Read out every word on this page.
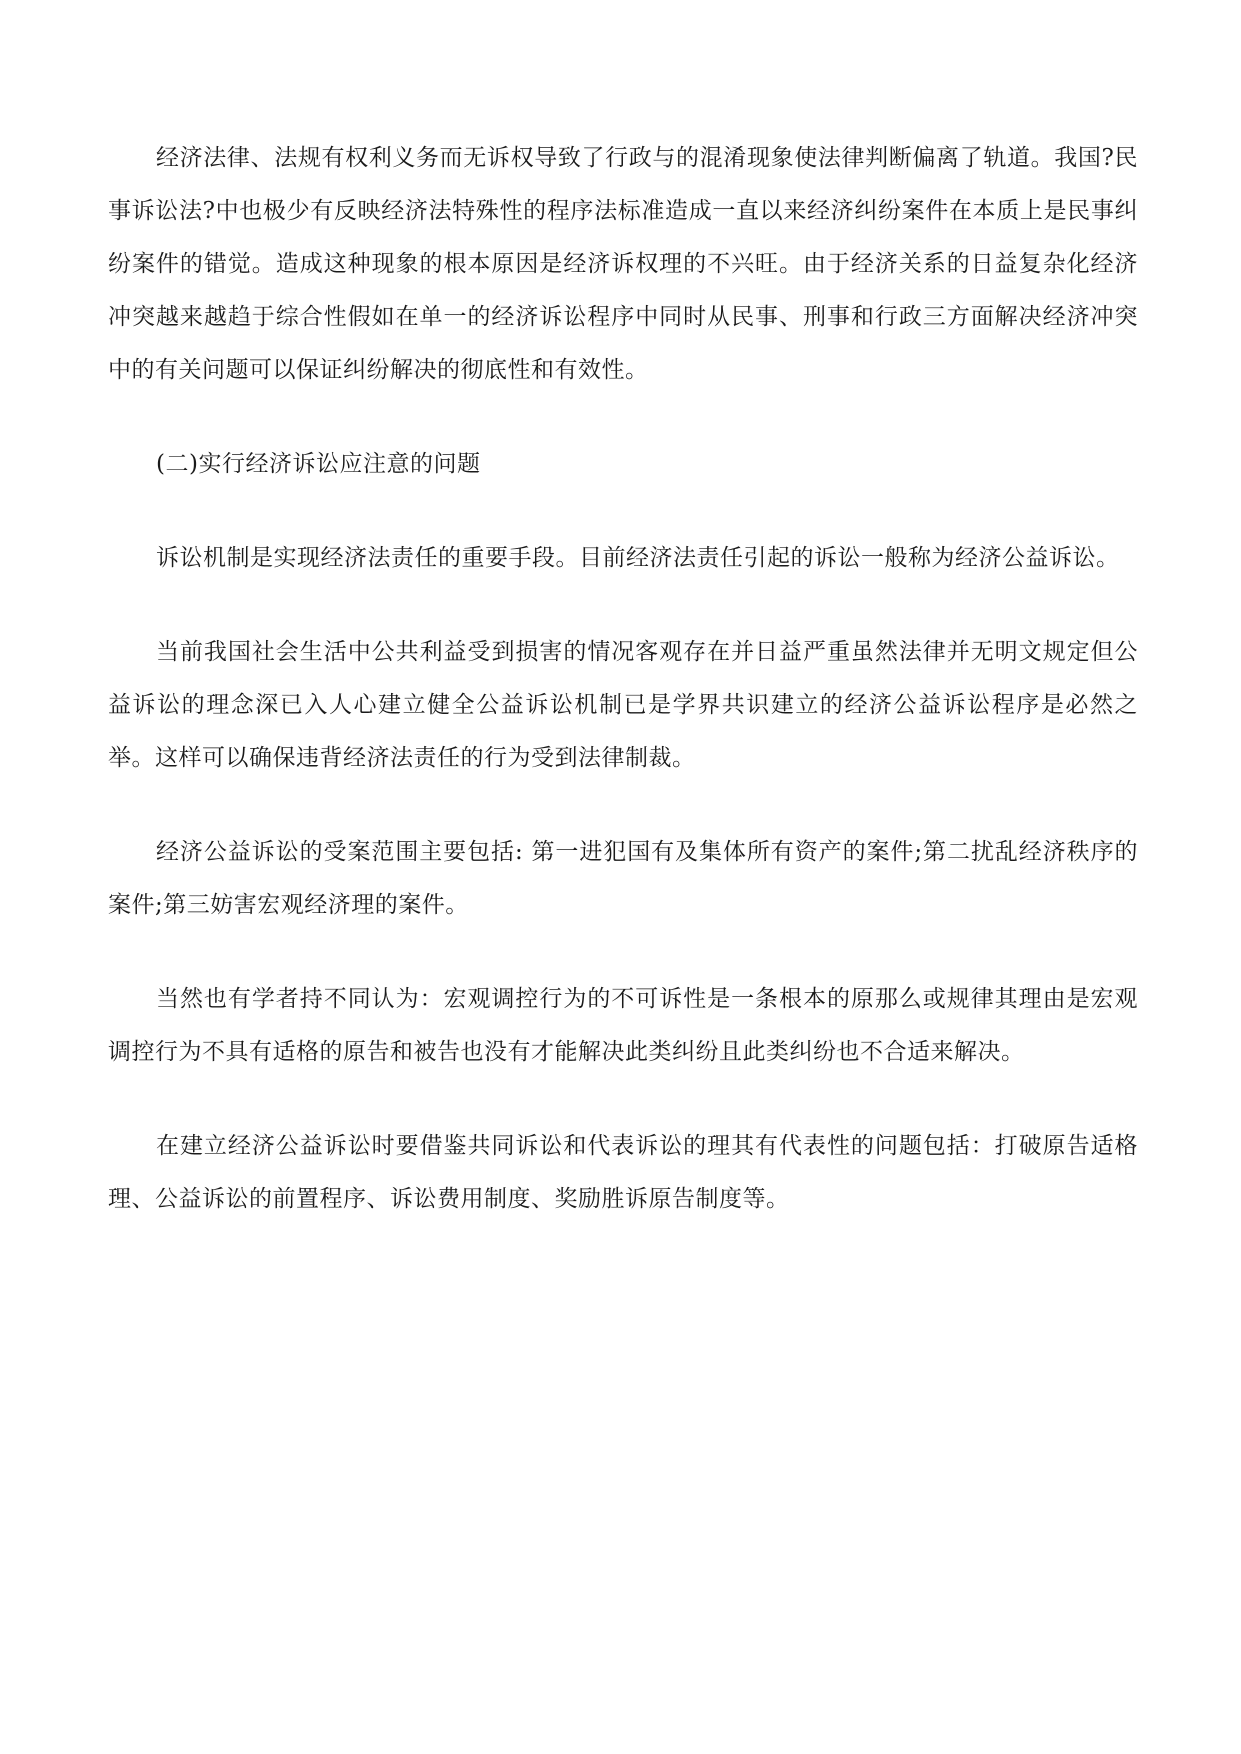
经济法律、法规有权利义务而无诉权导致了行政与的混淆现象使法律判断偏离了轨道。我国?民事诉讼法?中也极少有反映经济法特殊性的程序法标准造成一直以来经济纠纷案件在本质上是民事纠纷案件的错觉。造成这种现象的根本原因是经济诉权理的不兴旺。由于经济关系的日益复杂化经济冲突越来越趋于综合性假如在单一的经济诉讼程序中同时从民事、刑事和行政三方面解决经济冲突中的有关问题可以保证纠纷解决的彻底性和有效性。

(二)实行经济诉讼应注意的问题

诉讼机制是实现经济法责任的重要手段。目前经济法责任引起的诉讼一般称为经济公益诉讼。

当前我国社会生活中公共利益受到损害的情况客观存在并日益严重虽然法律并无明文规定但公益诉讼的理念深已入人心建立健全公益诉讼机制已是学界共识建立的经济公益诉讼程序是必然之举。这样可以确保违背经济法责任的行为受到法律制裁。

经济公益诉讼的受案范围主要包括: 第一进犯国有及集体所有资产的案件;第二扰乱经济秩序的案件;第三妨害宏观经济理的案件。

当然也有学者持不同认为：宏观调控行为的不可诉性是一条根本的原那么或规律其理由是宏观调控行为不具有适格的原告和被告也没有才能解决此类纠纷且此类纠纷也不合适来解决。

在建立经济公益诉讼时要借鉴共同诉讼和代表诉讼的理其有代表性的问题包括：打破原告适格理、公益诉讼的前置程序、诉讼费用制度、奖励胜诉原告制度等。
